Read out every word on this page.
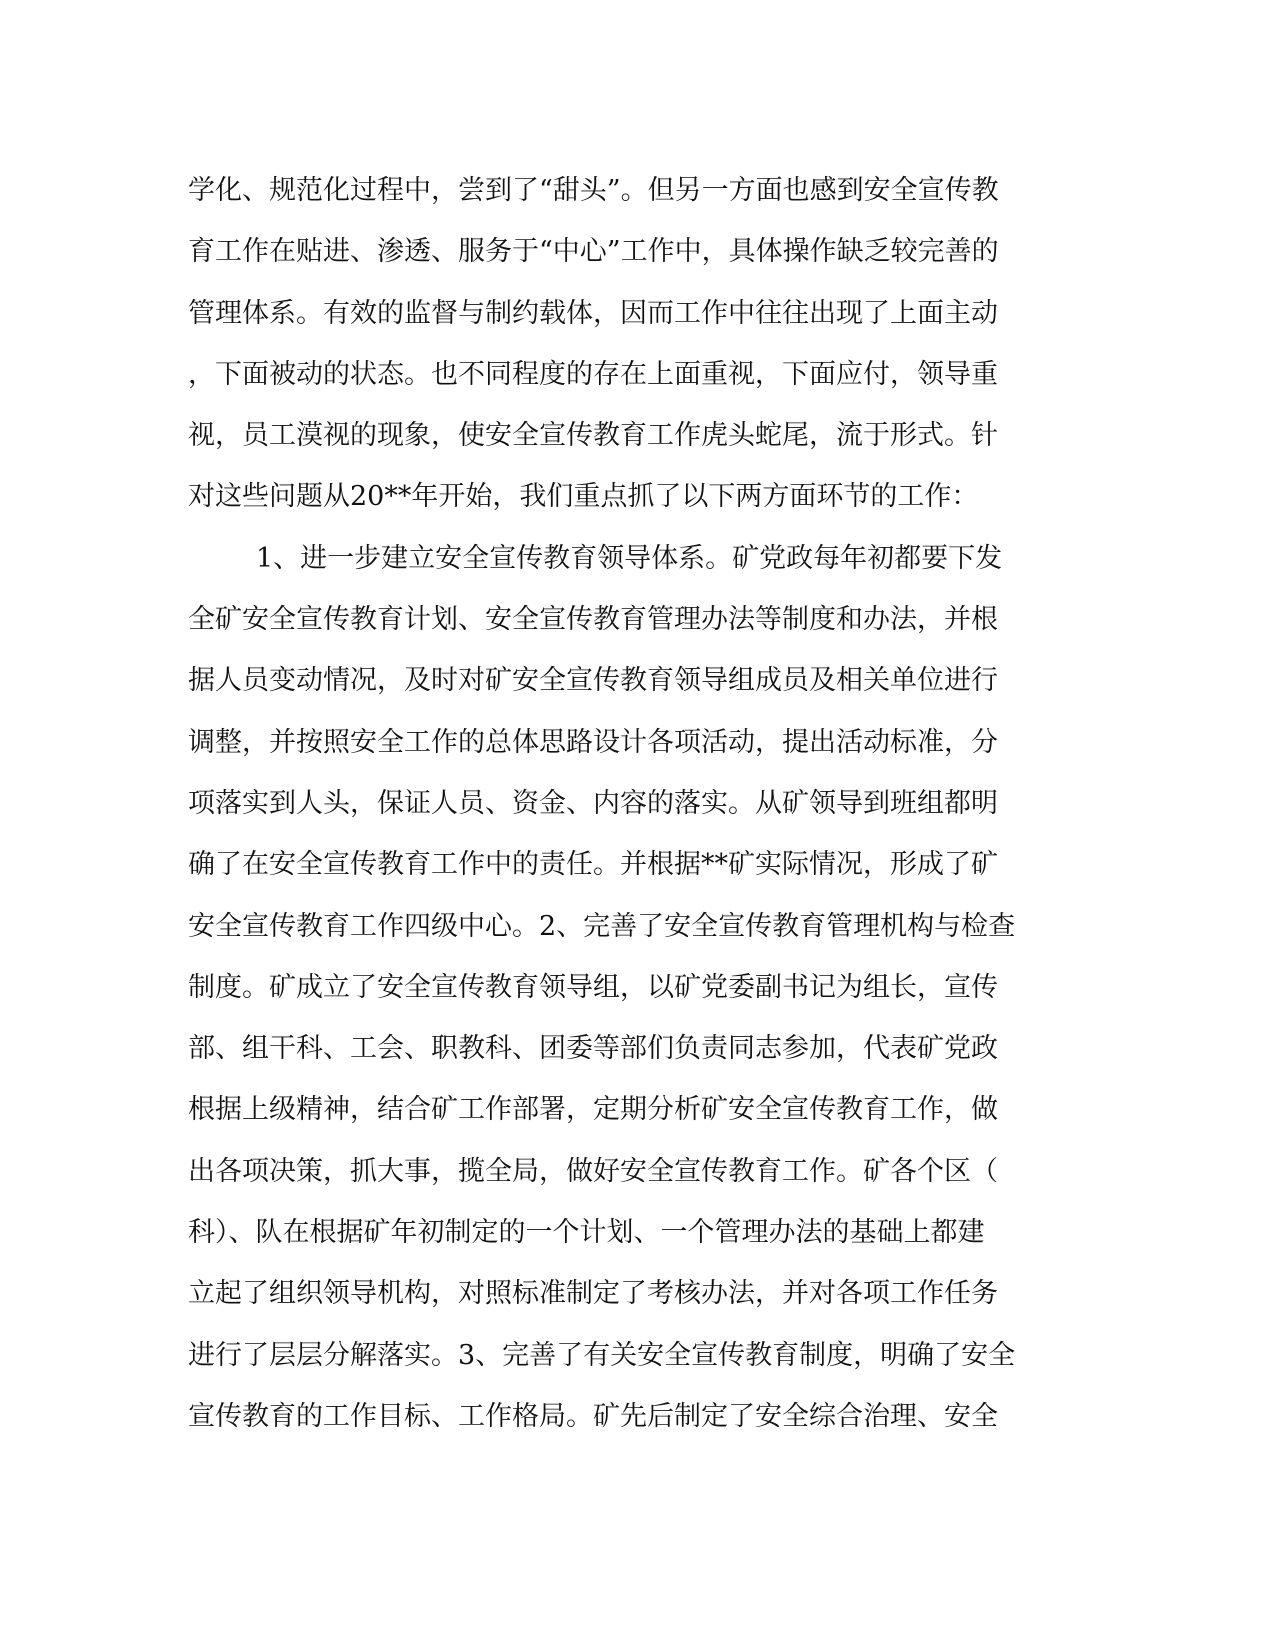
学化、规范化过程中，尝到了“甜头”。但另一方面也感到安全宣传教
育工作在贴进、渗透、服务于“中心”工作中，具体操作缺乏较完善的
管理体系。有效的监督与制约载体，因而工作中往往出现了上面主动
，下面被动的状态。也不同程度的存在上面重视，下面应付，领导重
视，员工漠视的现象，使安全宣传教育工作虎头蛇尾，流于形式。针
对这些问题从20**年开始，我们重点抓了以下两方面环节的工作：
1、进一步建立安全宣传教育领导体系。矿党政每年初都要下发
全矿安全宣传教育计划、安全宣传教育管理办法等制度和办法，并根
据人员变动情况，及时对矿安全宣传教育领导组成员及相关单位进行
调整，并按照安全工作的总体思路设计各项活动，提出活动标准，分
项落实到人头，保证人员、资金、内容的落实。从矿领导到班组都明
确了在安全宣传教育工作中的责任。并根据**矿实际情况，形成了矿
安全宣传教育工作四级中心。2、完善了安全宣传教育管理机构与检查
制度。矿成立了安全宣传教育领导组，以矿党委副书记为组长，宣传
部、组干科、工会、职教科、团委等部们负责同志参加，代表矿党政
根据上级精神，结合矿工作部署，定期分析矿安全宣传教育工作，做
出各项决策，抓大事，揽全局，做好安全宣传教育工作。矿各个区（
科）、队在根据矿年初制定的一个计划、一个管理办法的基础上都建
立起了组织领导机构，对照标准制定了考核办法，并对各项工作任务
进行了层层分解落实。3、完善了有关安全宣传教育制度，明确了安全
宣传教育的工作目标、工作格局。矿先后制定了安全综合治理、安全
